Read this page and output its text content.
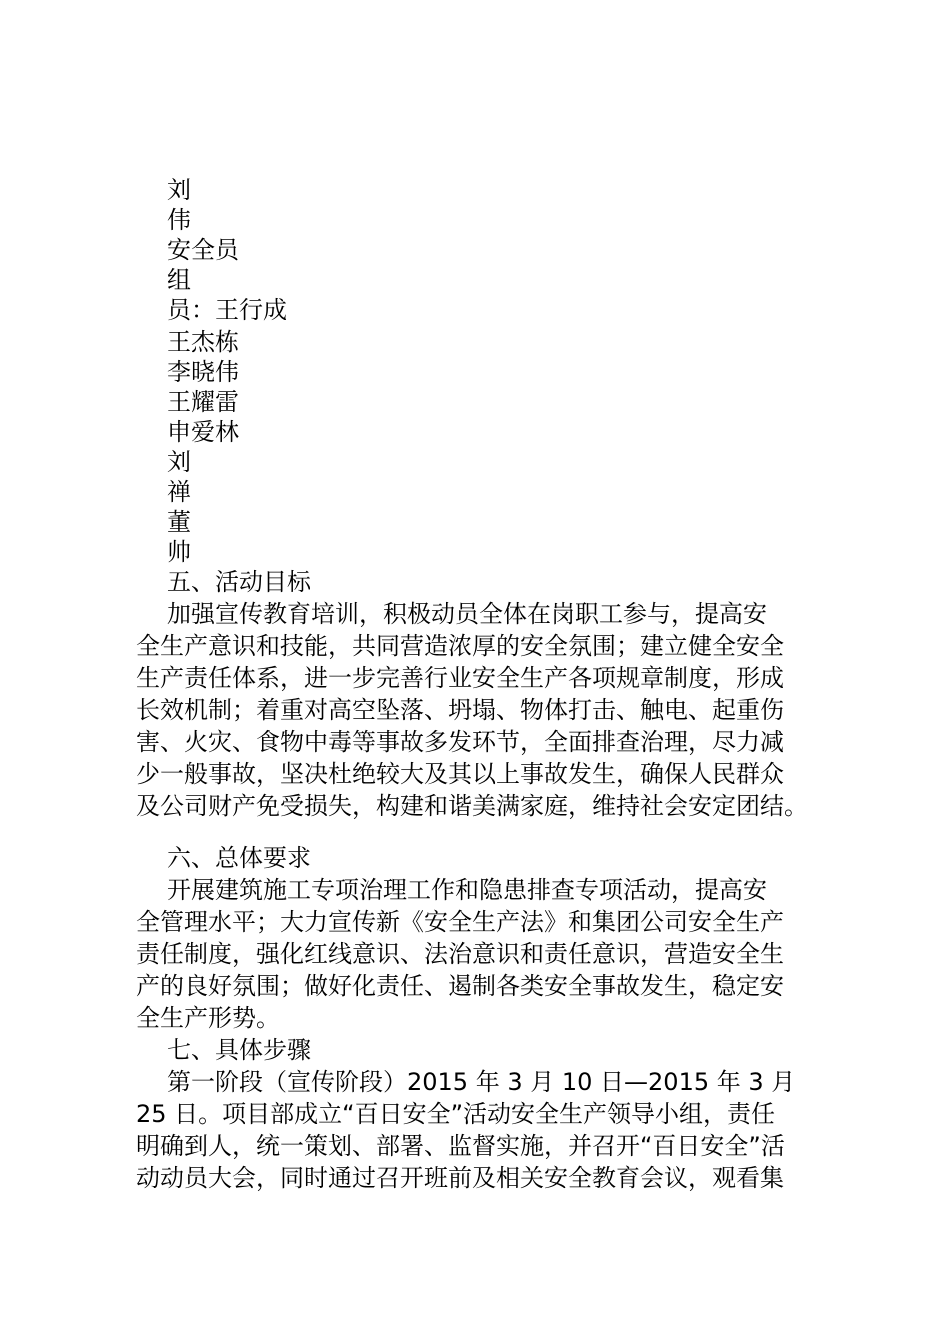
刘

伟

安全员

组

员：王行成

王杰栋

李晓伟

王耀雷

申爱林

刘

禅

董

帅

五、活动目标

加强宣传教育培训，积极动员全体在岗职工参与，提高安

全生产意识和技能，共同营造浓厚的安全氛围；建立健全安全

生产责任体系，进一步完善行业安全生产各项规章制度，形成

长效机制；着重对高空坠落、坍塌、物体打击、触电、起重伤

害、火灾、食物中毒等事故多发环节，全面排查治理，尽力减

少一般事故，坚决杜绝较大及其以上事故发生，确保人民群众

及公司财产免受损失，构建和谐美满家庭，维持社会安定团结。

六、总体要求

开展建筑施工专项治理工作和隐患排查专项活动，提高安

全管理水平；大力宣传新《安全生产法》和集团公司安全生产

责任制度，强化红线意识、法治意识和责任意识，营造安全生

产的良好氛围；做好化责任、遏制各类安全事故发生，稳定安

全生产形势。

七、具体步骤

第一阶段（宣传阶段）2015 年 3 月 10 日—2015 年 3 月

25 日。项目部成立“百日安全”活动安全生产领导小组，责任

明确到人，统一策划、部署、监督实施，并召开“百日安全”活

动动员大会，同时通过召开班前及相关安全教育会议，观看集
